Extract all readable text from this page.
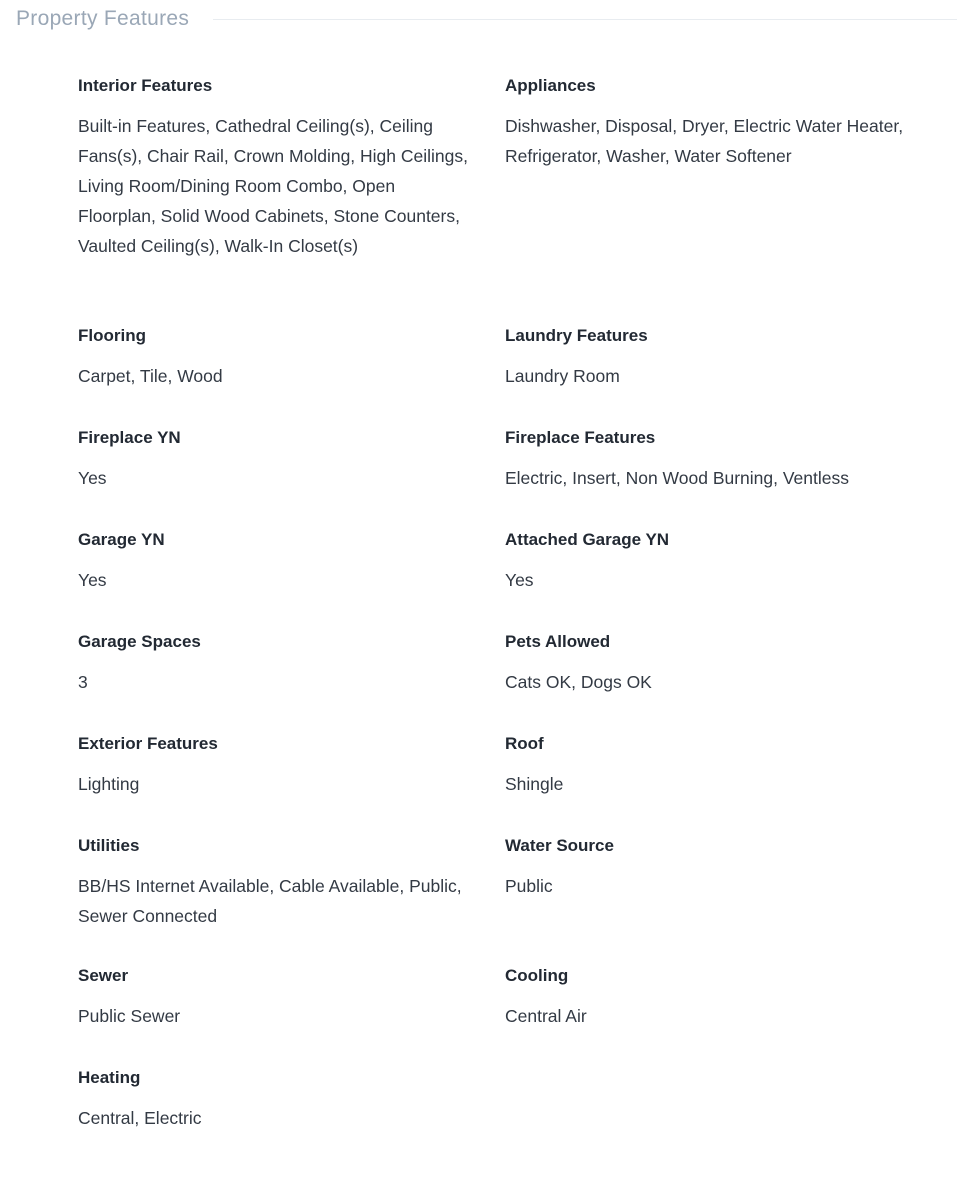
Property Features
Interior Features
Built-in Features, Cathedral Ceiling(s), Ceiling Fans(s), Chair Rail, Crown Molding, High Ceilings, Living Room/Dining Room Combo, Open Floorplan, Solid Wood Cabinets, Stone Counters, Vaulted Ceiling(s), Walk-In Closet(s)
Appliances
Dishwasher, Disposal, Dryer, Electric Water Heater, Refrigerator, Washer, Water Softener
Flooring
Carpet, Tile, Wood
Laundry Features
Laundry Room
Fireplace YN
Yes
Fireplace Features
Electric, Insert, Non Wood Burning, Ventless
Garage YN
Yes
Attached Garage YN
Yes
Garage Spaces
3
Pets Allowed
Cats OK, Dogs OK
Exterior Features
Lighting
Roof
Shingle
Utilities
BB/HS Internet Available, Cable Available, Public, Sewer Connected
Water Source
Public
Sewer
Public Sewer
Cooling
Central Air
Heating
Central, Electric
